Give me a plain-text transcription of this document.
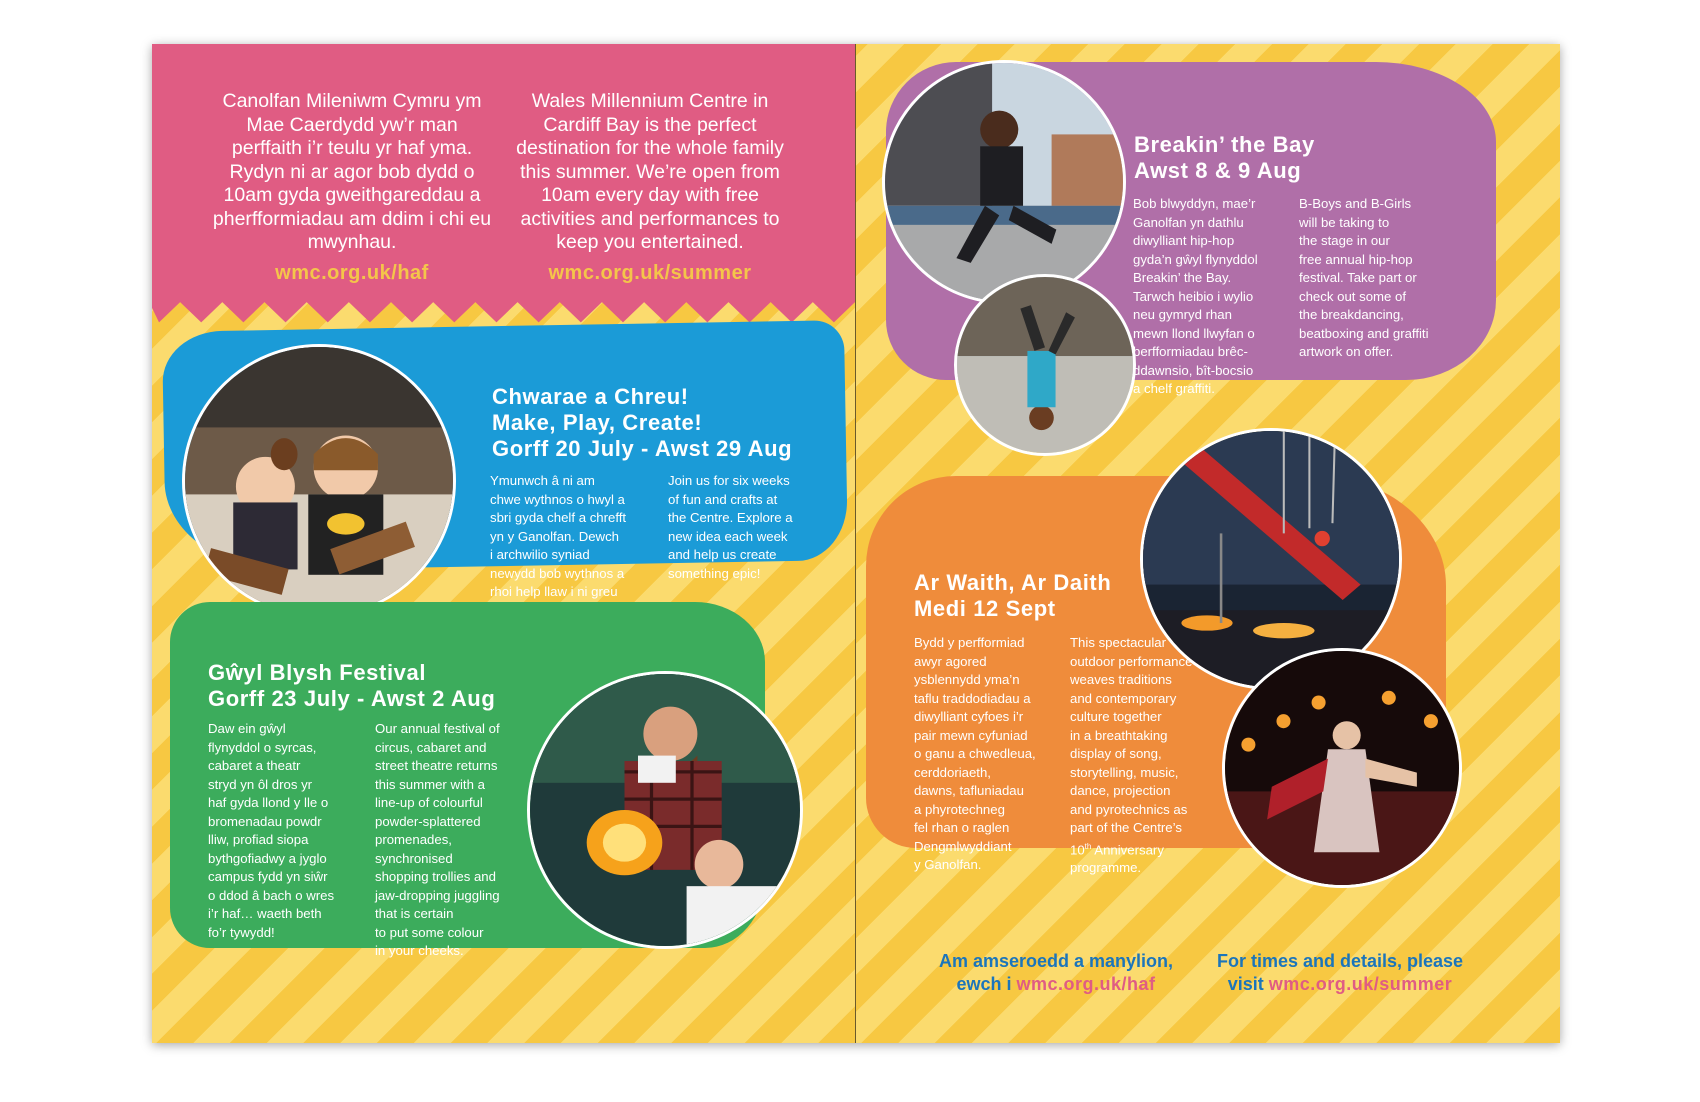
Canolfan Mileniwm Cymru ym Mae Caerdydd yw’r man perffaith i’r teulu yr haf yma. Rydyn ni ar agor bob dydd o 10am gyda gweithgareddau a pherfformiadau am ddim i chi eu mwynhau.
Wales Millennium Centre in Cardiff Bay is the perfect destination for the whole family this summer. We’re open from 10am every day with free activities and performances to keep you entertained.
wmc.org.uk/haf	wmc.org.uk/summer
Chwarae a Chreu!
Make, Play, Create!
Gorff 20 July - Awst 29 Aug

Ymunwch â ni am
chwe wythnos o hwyl a
sbri gyda chelf a chrefft
yn y Ganolfan. Dewch
i archwilio syniad
newydd bob wythnos a
rhoi help llaw i ni greu

Join us for six weeks
of fun and crafts at
the Centre. Explore a
new idea each week
and help us create
something epic!

Gŵyl Blysh Festival
Gorff 23 July - Awst 2 Aug

Daw ein gŵyl
flynyddol o syrcas,
cabaret a theatr
stryd yn ôl dros yr
haf gyda llond y lle o
bromenadau powdr
lliw, profiad siopa
bythgofiadwy a jyglo
campus fydd yn siŵr
o ddod â bach o wres
i’r haf… waeth beth
fo’r tywydd!

Our annual festival of
circus, cabaret and
street theatre returns
this summer with a
line-up of colourful
powder-splattered
promenades,
synchronised
shopping trollies and
jaw-dropping juggling
that is certain
to put some colour
in your cheeks.

Breakin’ the Bay
Awst 8 & 9 Aug

Bob blwyddyn, mae’r
Ganolfan yn dathlu
diwylliant hip-hop
gyda’n gŵyl flynyddol
Breakin’ the Bay.
Tarwch heibio i wylio
neu gymryd rhan
mewn llond llwyfan o
berfformiadau brêc-
ddawnsio, bît-bocsio
a chelf graffiti.

B-Boys and B-Girls
will be taking to
the stage in our
free annual hip-hop
festival. Take part or
check out some of
the breakdancing,
beatboxing and graffiti
artwork on offer.

Ar Waith, Ar Daith
Medi 12 Sept

Bydd y perfformiad
awyr agored
ysblennydd yma’n
taflu traddodiadau a
diwylliant cyfoes i’r
pair mewn cyfuniad
o ganu a chwedleua,
cerddoriaeth,
dawns, tafluniadau
a phyrotechneg
fel rhan o raglen
Dengmlwyddiant
y Ganolfan.

This spectacular
outdoor performance
weaves traditions
and contemporary
culture together
in a breathtaking
display of song,
storytelling, music,
dance, projection
and pyrotechnics as
part of the Centre’s
10th Anniversary
programme.

Am amseroedd a manylion,
ewch i wmc.org.uk/haf
For times and details, please
visit wmc.org.uk/summer
